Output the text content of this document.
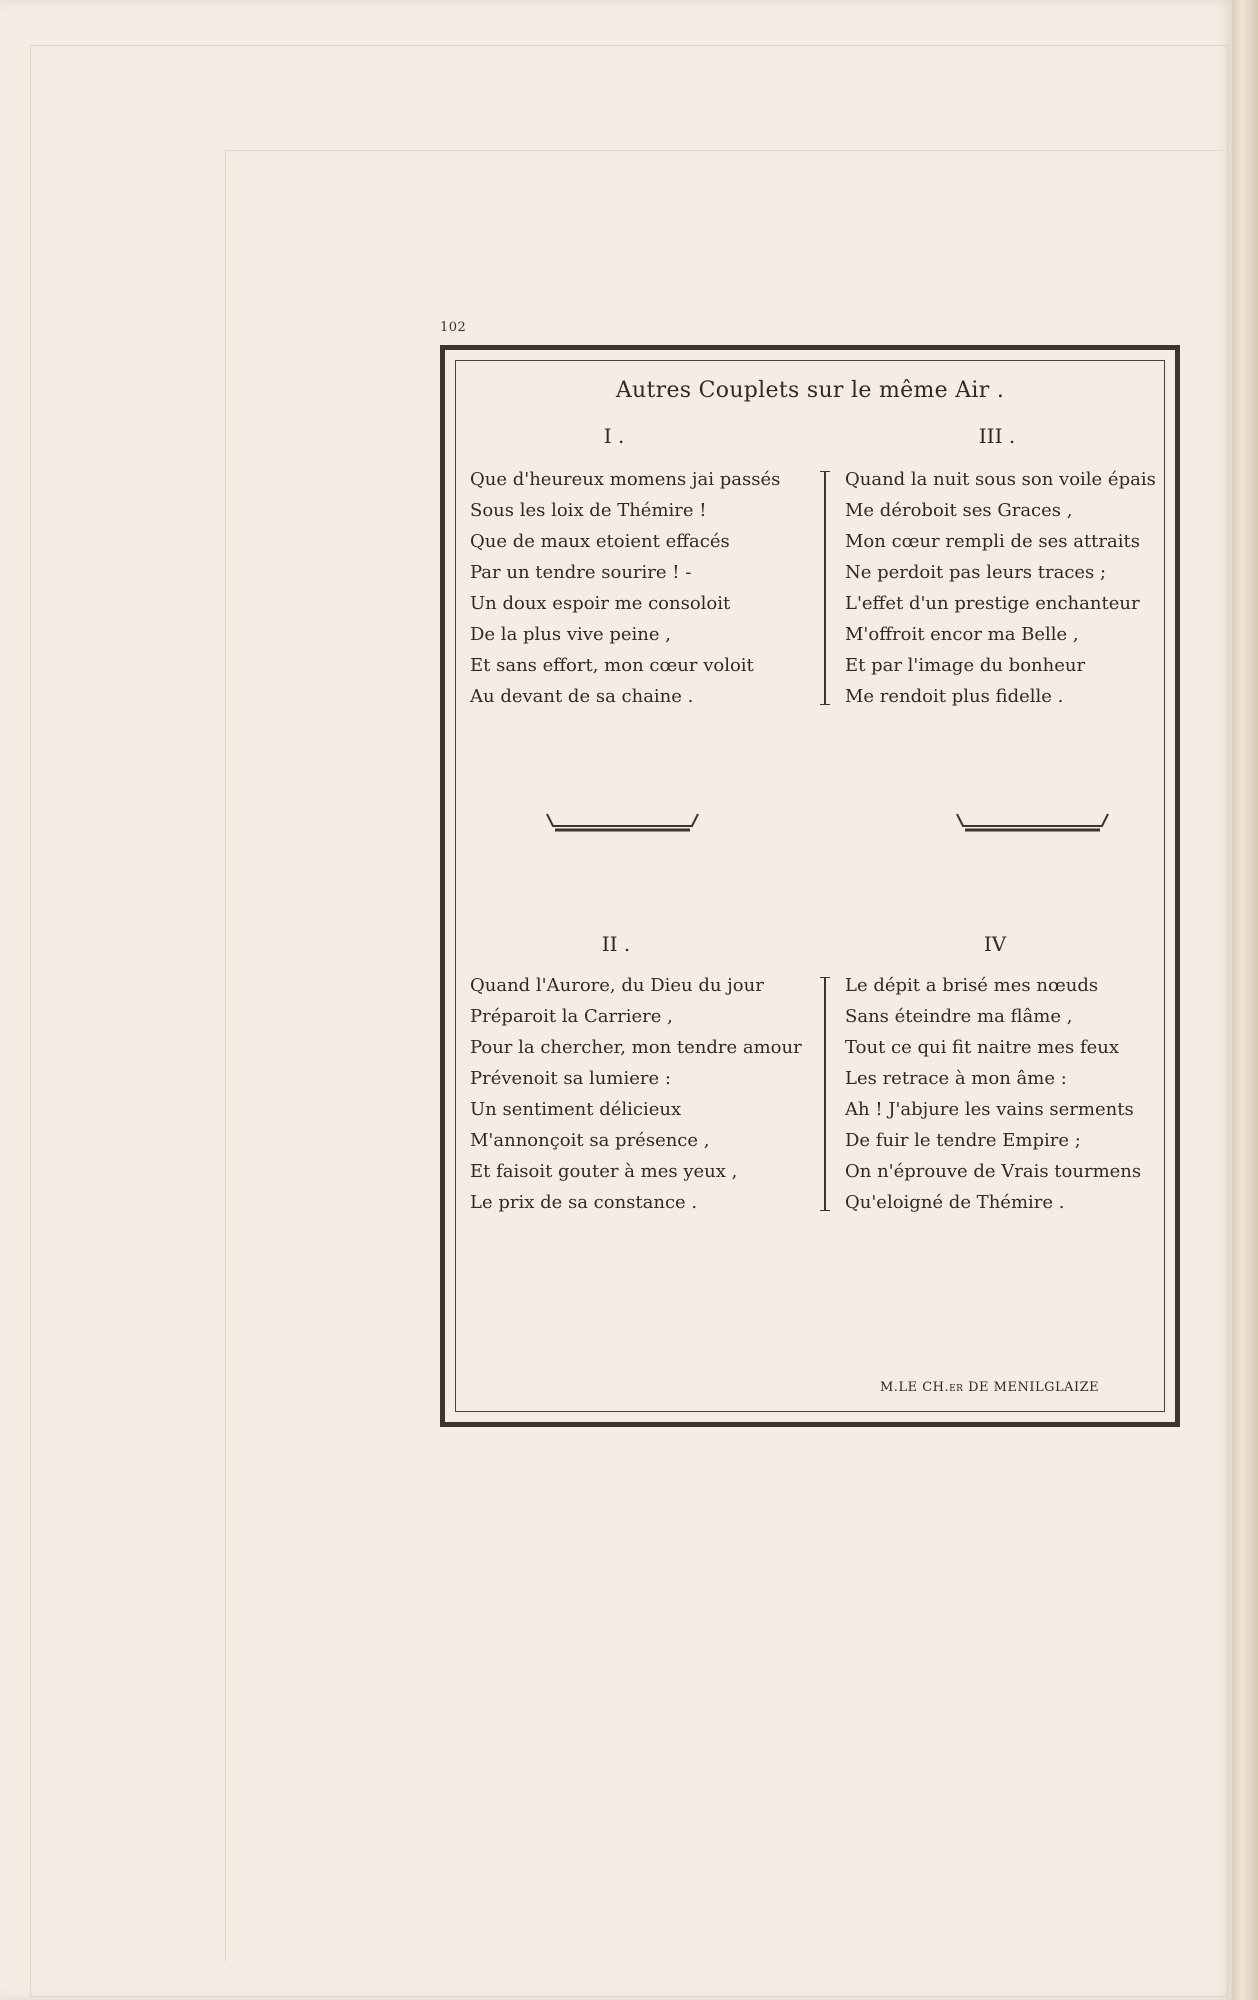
102
Autres Couplets sur le même Air .
I .
Que d'heureux momens jai passés
Sous les loix de Thémire !
Que de maux etoient effacés
Par un tendre sourire ! -
Un doux espoir me consoloit
De la plus vive peine ,
Et sans effort, mon cœur voloit
Au devant de sa chaine .
III .
Quand la nuit sous son voile épais
Me déroboit ses Graces ,
Mon cœur rempli de ses attraits
Ne perdoit pas leurs traces ;
L'effet d'un prestige enchanteur
M'offroit encor ma Belle ,
Et par l'image du bonheur
Me rendoit plus fidelle .
II .
Quand l'Aurore, du Dieu du jour
Préparoit la Carriere ,
Pour la chercher, mon tendre amour
Prévenoit sa lumiere :
Un sentiment délicieux
M'annonçoit sa présence ,
Et faisoit gouter à mes yeux ,
Le prix de sa constance .
IV
Le dépit a brisé mes nœuds
Sans éteindre ma flâme ,
Tout ce qui fit naitre mes feux
Les retrace à mon âme :
Ah ! J'abjure les vains serments
De fuir le tendre Empire ;
On n'éprouve de Vrais tourmens
Qu'eloigné de Thémire .
M.LE CH.er DE MENILGLAIZE
